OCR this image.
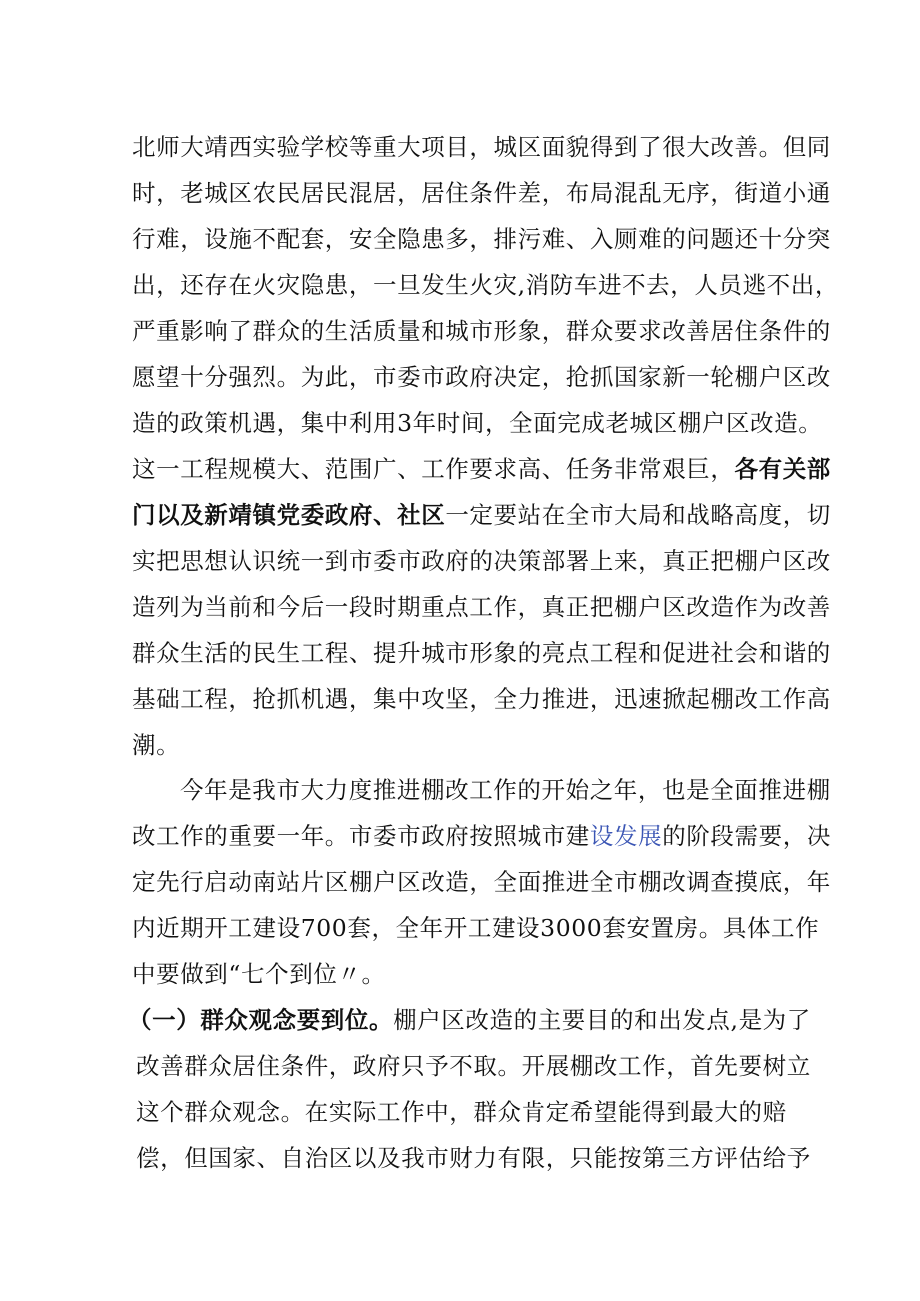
北师大靖西实验学校等重大项目，城区面貌得到了很大改善。但同
时，老城区农民居民混居，居住条件差，布局混乱无序，街道小通
行难，设施不配套，安全隐患多，排污难、入厕难的问题还十分突
出，还存在火灾隐患，一旦发生火灾,消防车进不去，人员逃不出，
严重影响了群众的生活质量和城市形象，群众要求改善居住条件的
愿望十分强烈。为此，市委市政府决定，抢抓国家新一轮棚户区改
造的政策机遇，集中利用3年时间，全面完成老城区棚户区改造。
这一工程规模大、范围广、工作要求高、任务非常艰巨，各有关部
门以及新靖镇党委政府、社区一定要站在全市大局和战略高度，切
实把思想认识统一到市委市政府的决策部署上来，真正把棚户区改
造列为当前和今后一段时期重点工作，真正把棚户区改造作为改善
群众生活的民生工程、提升城市形象的亮点工程和促进社会和谐的
基础工程，抢抓机遇，集中攻坚，全力推进，迅速掀起棚改工作高
潮。
今年是我市大力度推进棚改工作的开始之年，也是全面推进棚
改工作的重要一年。市委市政府按照城市建设发展的阶段需要，决
定先行启动南站片区棚户区改造，全面推进全市棚改调查摸底，年
内近期开工建设700套，全年开工建设3000套安置房。具体工作
中要做到“七个到位〃。
（一）群众观念要到位。棚户区改造的主要目的和出发点,是为了
改善群众居住条件，政府只予不取。开展棚改工作，首先要树立
这个群众观念。在实际工作中，群众肯定希望能得到最大的赔
偿，但国家、自治区以及我市财力有限，只能按第三方评估给予
